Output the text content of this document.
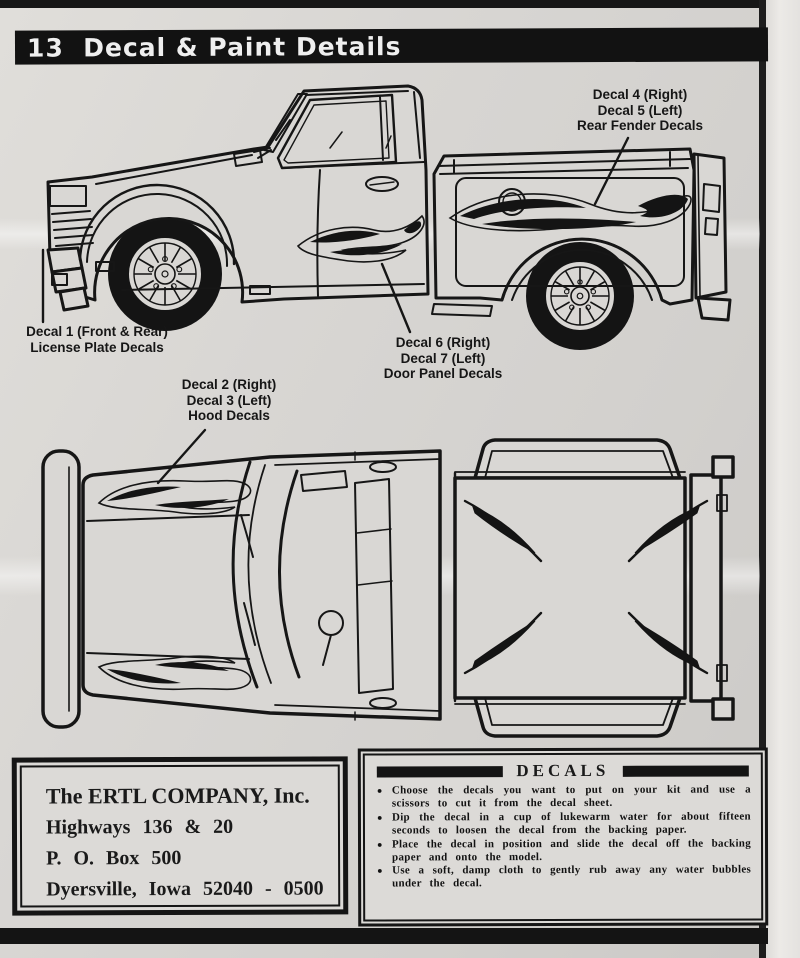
13  Decal & Paint Details
Decal 4 (Right)
Decal 5 (Left)
Rear Fender Decals
Decal 1 (Front & Rear)
License Plate Decals	Decal 6 (Right)
Decal 7 (Left)
Door Panel Decals
Decal 2 (Right)
Decal 3 (Left)
Hood Decals
The ERTL COMPANY, Inc.
Highways 136 & 20
P. O. Box 500
Dyersville, Iowa 52040 - 0500
DECALS
● Choose the decals you want to put on your kit and use a scissors to cut it from the decal sheet.
● Dip the decal in a cup of lukewarm water for about fifteen seconds to loosen the decal from the backing paper.
● Place the decal in position and slide the decal off the backing paper and onto the model.
● Use a soft, damp cloth to gently rub away any water bubbles under the decal.
